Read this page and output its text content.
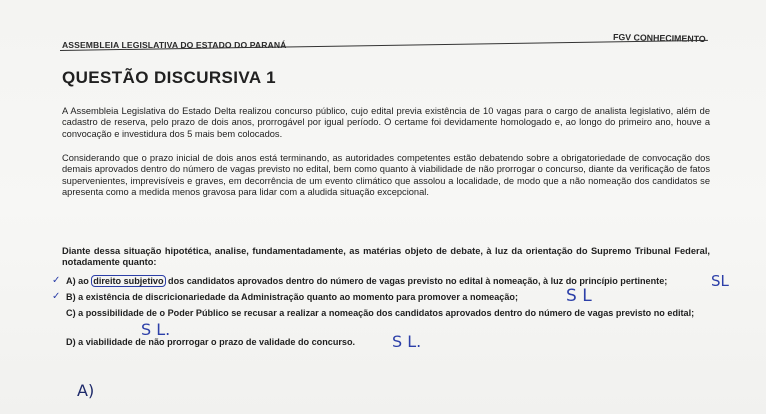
ASSEMBLEIA LEGISLATIVA DO ESTADO DO PARANÁ
FGV CONHECIMENTO
QUESTÃO DISCURSIVA 1
A Assembleia Legislativa do Estado Delta realizou concurso público, cujo edital previa existência de 10 vagas para o cargo de analista legislativo, além de cadastro de reserva, pelo prazo de dois anos, prorrogável por igual período. O certame foi devidamente homologado e, ao longo do primeiro ano, houve a convocação e investidura dos 5 mais bem colocados.
Considerando que o prazo inicial de dois anos está terminando, as autoridades competentes estão debatendo sobre a obrigatoriedade de convocação dos demais aprovados dentro do número de vagas previsto no edital, bem como quanto à viabilidade de não prorrogar o concurso, diante da verificação de fatos supervenientes, imprevisíveis e graves, em decorrência de um evento climático que assolou a localidade, de modo que a não nomeação dos candidatos se apresenta como a medida menos gravosa para lidar com a aludida situação excepcional.
Diante dessa situação hipotética, analise, fundamentadamente, as matérias objeto de debate, à luz da orientação do Supremo Tribunal Federal, notadamente quanto:
✓ A) ao direito subjetivo dos candidatos aprovados dentro do número de vagas previsto no edital à nomeação, à luz do princípio pertinente;	SL
✓ B) a existência de discricionariedade da Administração quanto ao momento para promover a nomeação;	S L
C) a possibilidade de o Poder Público se recusar a realizar a nomeação dos candidatos aprovados dentro do número de vagas previsto no edital;
S L.
D) a viabilidade de não prorrogar o prazo de validade do concurso.	S L.
A)
